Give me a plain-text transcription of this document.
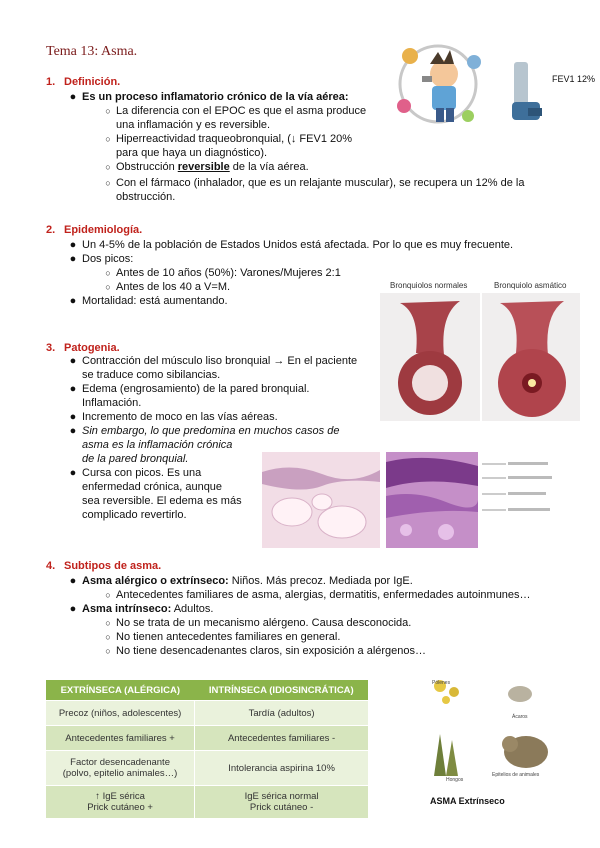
Tema 13: Asma.
1. Definición.
● Es un proceso inflamatorio crónico de la vía aérea:
○ La diferencia con el EPOC es que el asma produce
una inflamación y es reversible.
○ Hiperreactividad traqueobronquial, (↓ FEV1 20%
para que haya un diagnóstico).
○ Obstrucción reversible de la vía aérea.
○ Con el fármaco (inhalador, que es un relajante muscular), se recupera un 12% de la
obstrucción.
FEV1 12%
2. Epidemiología.
● Un 4-5% de la población de Estados Unidos está afectada. Por lo que es muy frecuente.
● Dos picos:
○ Antes de 10 años (50%): Varones/Mujeres 2:1
○ Antes de los 40 a V=M.
● Mortalidad: está aumentando.
Bronquiolos normales	Bronquiolo asmático
3. Patogenia.
● Contracción del músculo liso bronquial → En el paciente
se traduce como sibilancias.
● Edema (engrosamiento) de la pared bronquial.
Inflamación.
● Incremento de moco en las vías aéreas.
● Sin embargo, lo que predomina en muchos casos de
asma es la inflamación crónica
de la pared bronquial.
● Cursa con picos. Es una
enfermedad crónica, aunque
sea reversible. El edema es más
complicado revertirlo.
4. Subtipos de asma.
● Asma alérgico o extrínseco: Niños. Más precoz. Mediada por IgE.
○ Antecedentes familiares de asma, alergias, dermatitis, enfermedades autoinmunes…
● Asma intrínseco: Adultos.
○ No se trata de un mecanismo alérgeno. Causa desconocida.
○ No tienen antecedentes familiares en general.
○ No tiene desencadenantes claros, sin exposición a alérgenos…
EXTRÍNSECA (ALÉRGICA)	INTRÍNSECA (IDIOSINCRÁTICA)
Precoz (niños, adolescentes)	Tardía (adultos)
Antecedentes familiares +	Antecedentes familiares -
Factor desencadenante
(polvo, epitelio animales…)	Intolerancia aspirina 10%
↑ IgE sérica
Prick cutáneo +	IgE sérica normal
Prick cutáneo -
Pólenes
Ácaros
Hongos
Epitelios de animales
ASMA Extrínseco
